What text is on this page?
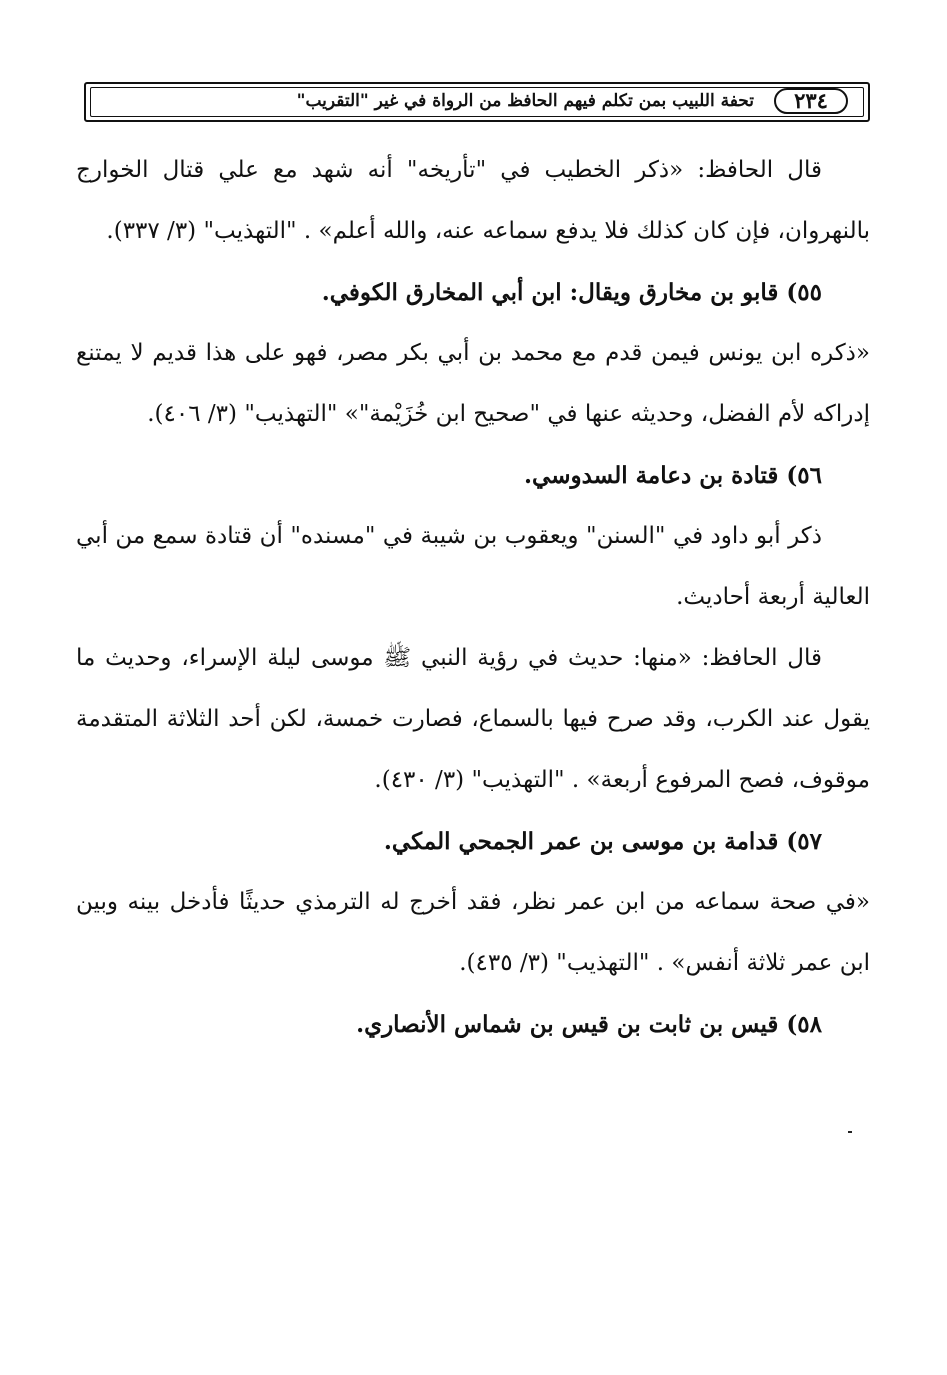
٢٣٤
تحفة اللبيب بمن تكلم فيهم الحافظ من الرواة في غير "التقريب"

قال الحافظ: «ذكر الخطيب في "تأريخه" أنه شهد مع علي قتال الخوارج بالنهروان، فإن كان كذلك فلا يدفع سماعه عنه، والله أعلم» . "التهذيب" (٣/ ٣٣٧).

٥٥) قابو بن مخارق ويقال: ابن أبي المخارق الكوفي.

«ذكره ابن يونس فيمن قدم مع محمد بن أبي بكر مصر، فهو على هذا قديم لا يمتنع إدراكه لأم الفضل، وحديثه عنها في "صحيح ابن خُزَيْمة"» "التهذيب" (٣/ ٤٠٦).

٥٦) قتادة بن دعامة السدوسي.

ذكر أبو داود في "السنن" ويعقوب بن شيبة في "مسنده" أن قتادة سمع من أبي العالية أربعة أحاديث.

قال الحافظ: «منها: حديث في رؤية النبي ﷺ موسى ليلة الإسراء، وحديث ما يقول عند الكرب، وقد صرح فيها بالسماع، فصارت خمسة، لكن أحد الثلاثة المتقدمة موقوف، فصح المرفوع أربعة» . "التهذيب" (٣/ ٤٣٠).

٥٧) قدامة بن موسى بن عمر الجمحي المكي.

«في صحة سماعه من ابن عمر نظر، فقد أخرج له الترمذي حديثًا فأدخل بينه وبين ابن عمر ثلاثة أنفس» . "التهذيب" (٣/ ٤٣٥).

٥٨) قيس بن ثابت بن قيس بن شماس الأنصاري.
